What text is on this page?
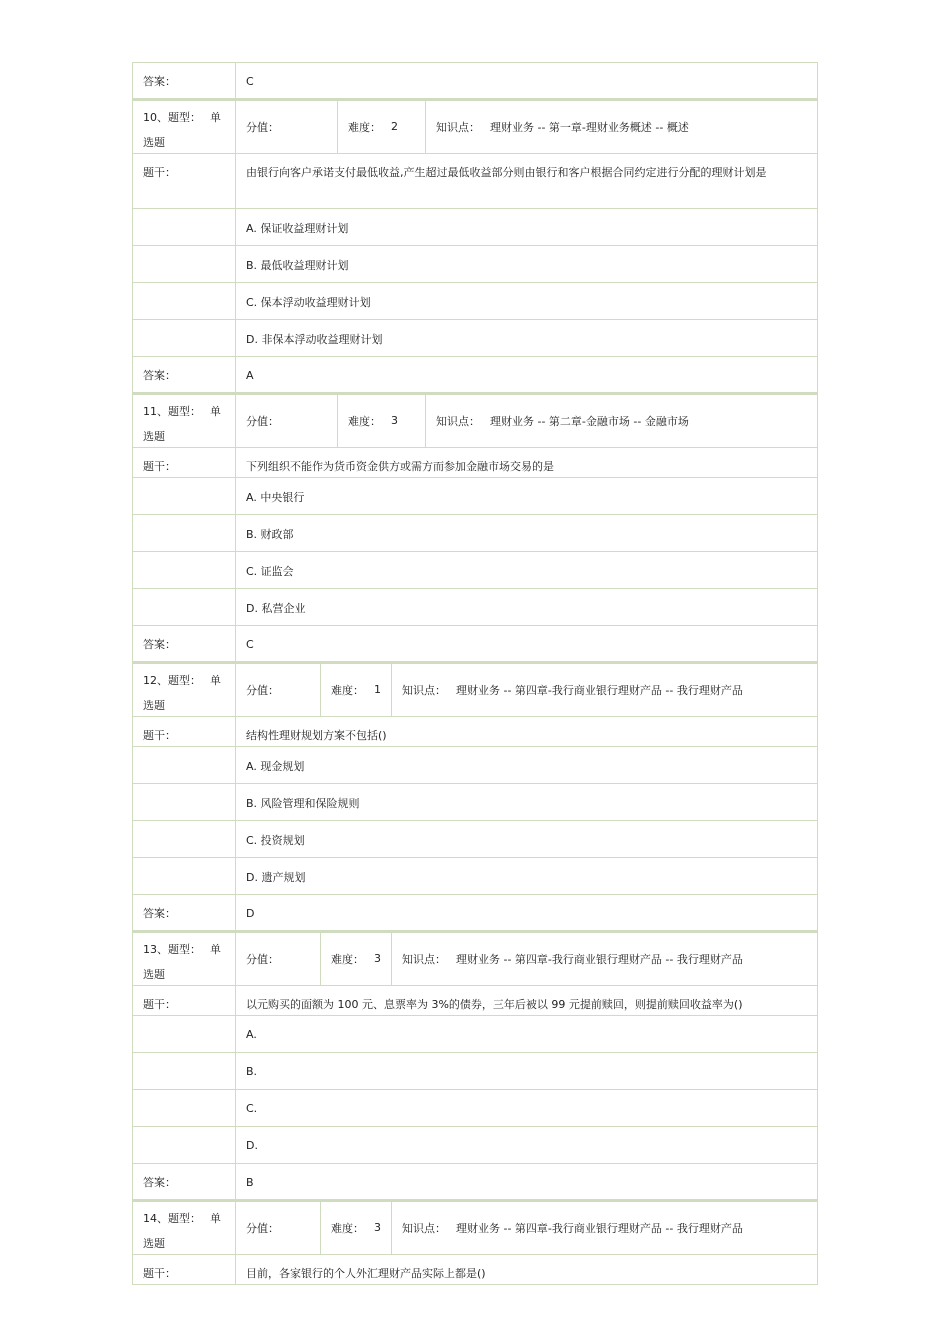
答案：	C
10、题型： 单
选题
分值：	难度： 2	知识点： 理财业务 -- 第一章-理财业务概述 -- 概述
题干：	由银行向客户承诺支付最低收益,产生超过最低收益部分则由银行和客户根据合同约定进行分配的理财计划是
A. 保证收益理财计划
B. 最低收益理财计划
C. 保本浮动收益理财计划
D. 非保本浮动收益理财计划
答案：	A
11、题型： 单
选题
分值：	难度： 3	知识点： 理财业务 -- 第二章-金融市场 -- 金融市场
题干：	下列组织不能作为货币资金供方或需方而参加金融市场交易的是
A. 中央银行
B. 财政部
C. 证监会
D. 私营企业
答案：	C
12、题型： 单
选题
分值：	难度： 1 知识点： 理财业务 -- 第四章-我行商业银行理财产品 -- 我行理财产品
题干：	结构性理财规划方案不包括()
A. 现金规划
B. 风险管理和保险规则
C. 投资规划
D. 遗产规划
答案：	D
13、题型： 单
选题
分值：	难度： 3 知识点： 理财业务 -- 第四章-我行商业银行理财产品 -- 我行理财产品
题干：	以元购买的面额为 100 元、息票率为 3%的债券，三年后被以 99 元提前赎回，则提前赎回收益率为()
A.
B.
C.
D.
答案：	B
14、题型： 单
选题
分值：	难度： 3 知识点： 理财业务 -- 第四章-我行商业银行理财产品 -- 我行理财产品
题干：	目前，各家银行的个人外汇理财产品实际上都是()
